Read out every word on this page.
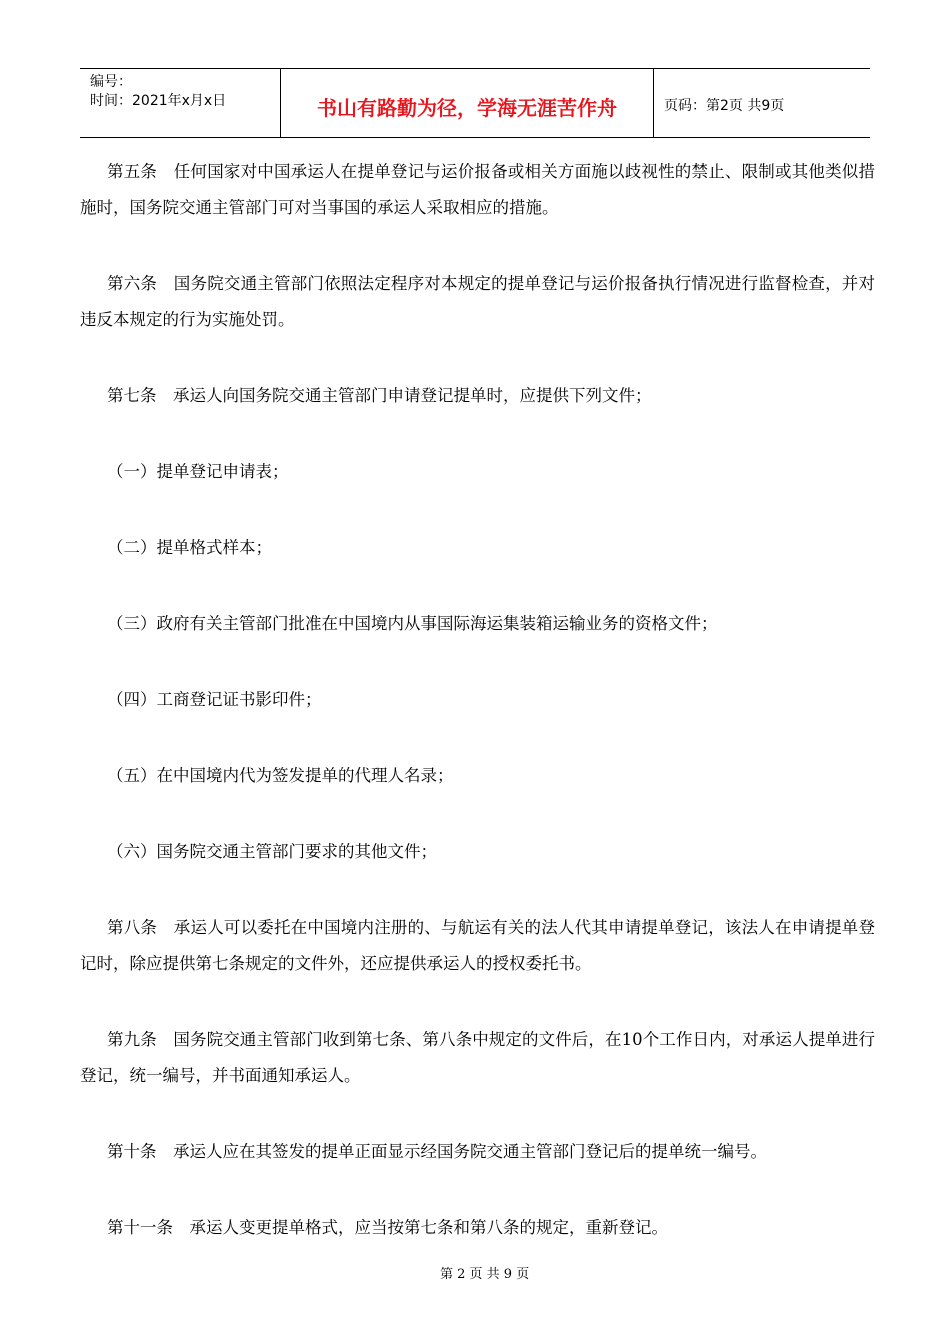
编号：
时间：2021年x月x日	书山有路勤为径，学海无涯苦作舟	页码：第2页 共9页

第五条　任何国家对中国承运人在提单登记与运价报备或相关方面施以歧视性的禁止、限制或其他类似措施时，国务院交通主管部门可对当事国的承运人采取相应的措施。

第六条　国务院交通主管部门依照法定程序对本规定的提单登记与运价报备执行情况进行监督检查，并对违反本规定的行为实施处罚。

第七条　承运人向国务院交通主管部门申请登记提单时，应提供下列文件；

（一）提单登记申请表；

（二）提单格式样本；

（三）政府有关主管部门批准在中国境内从事国际海运集装箱运输业务的资格文件；

（四）工商登记证书影印件；

（五）在中国境内代为签发提单的代理人名录；

（六）国务院交通主管部门要求的其他文件；

第八条　承运人可以委托在中国境内注册的、与航运有关的法人代其申请提单登记，该法人在申请提单登记时，除应提供第七条规定的文件外，还应提供承运人的授权委托书。

第九条　国务院交通主管部门收到第七条、第八条中规定的文件后，在10个工作日内，对承运人提单进行登记，统一编号，并书面通知承运人。

第十条　承运人应在其签发的提单正面显示经国务院交通主管部门登记后的提单统一编号。

第十一条　承运人变更提单格式，应当按第七条和第八条的规定，重新登记。

第 2 页 共 9 页
